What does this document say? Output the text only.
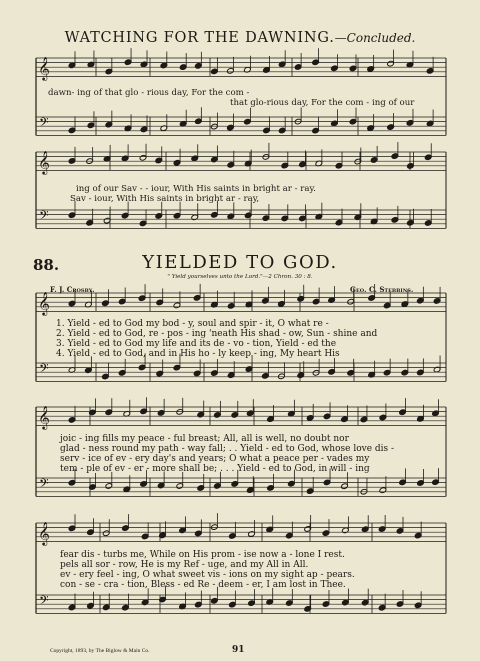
𝄞
𝄢
𝄞
𝄢
𝄞
𝄢
𝄞
𝄢
𝄞
𝄢
WATCHING FOR THE DAWNING.—Concluded.
dawn- ing of that glo - rious day, For the com -
that glo-rious day, For the com - ing of our
ing of our Sav - - iour, With His saints in bright ar - ray.
Sav - iour, With His saints in bright ar - ray,
88.	YIELDED TO GOD.
" Yield yourselves unto the Lord."—2 Chron. 30 : 8.
F. J. Crosby.	Geo. C. Stebbins.
1. Yield - ed to God my bod - y, soul and spir - it, O what re -
2. Yield - ed to God, re - pos - ing 'neath His shad - ow, Sun - shine and
3. Yield - ed to God my life and its de - vo - tion, Yield - ed the
4. Yield - ed to God, and in His ho - ly keep - ing, My heart His
joic - ing fills my peace - ful breast; All, all is well, no doubt nor
glad - ness round my path - way fall; . . Yield - ed to God, whose love dis -
serv - ice of ev - ery day's and years; O what a peace per - vades my
tem - ple of ev - er - more shall be; . . . Yield - ed to God, in will - ing
fear dis - turbs me, While on His prom - ise now a - lone I rest.
pels all sor - row, He is my Ref - uge, and my All in All.
ev - ery feel - ing, O what sweet vis - ions on my sight ap - pears.
con - se - cra - tion, Bless - ed Re - deem - er, I am lost in Thee.
Copyright, 1893, by The Biglow & Main Co.	91
